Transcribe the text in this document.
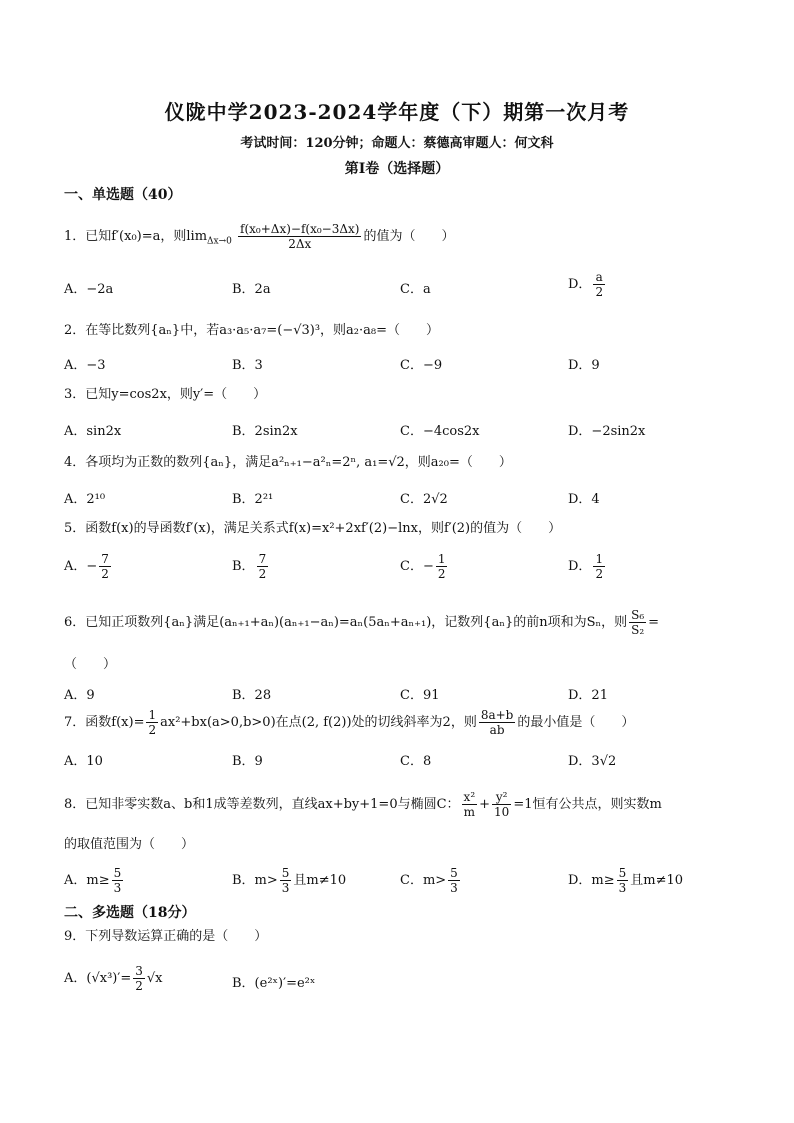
仪陇中学2023-2024学年度（下）期第一次月考
考试时间：120分钟；命题人：蔡德高审题人：何文科
第Ⅰ卷（选择题）
一、单选题（40）
1．已知f′(x₀)=a，则$\lim_{\Delta x\to 0} \frac{\text{f(x₀+Δx)−f(x₀−3Δx)}}{2\Delta x}$ 的值为（　　）
A．−2a	B．2a	C．a	D． $\frac{a}{2}$
2．在等比数列{aₙ}中，若a₃·a₅·a₇=(−√3)³，则a₂·a₈=（　　）
A．−3	B．3	C．−9	D．9
3．已知y=cos2x，则y′=（　　）
A．sin2x	B．2sin2x	C．−4cos2x	D．−2sin2x
4．各项均为正数的数列{aₙ}，满足a²ₙ₊₁−a²ₙ=2ⁿ, a₁=√2，则a₂₀=（　　）
A．2¹⁰	B．2²¹	C．2√2	D．4
5．函数f(x)的导函数f′(x)，满足关系式f(x)=x²+2xf′(2)−lnx，则f′(2)的值为（　　）
A．− $\frac{7}{2}$	B． $\frac{7}{2}$	C．− $\frac{1}{2}$	D． $\frac{1}{2}$
6．已知正项数列{aₙ}满足(aₙ₊₁+aₙ)(aₙ₊₁−aₙ)=aₙ(5aₙ+aₙ₊₁)，记数列{aₙ}的前n项和为Sₙ，则 $\frac{\text{S₆}}{\text{S₂}}$ =
（　　）
A．9	B．28	C．91	D．21
7．函数$f(x)= \frac{1}{2} ax^2+bx(a>0,b>0)$在点(2, f(2))处的切线斜率为2，则 $\frac{8a+b}{ab}$ 的最小值是（　　）
A．10	B．9	C．8	D．3√2
8．已知非零实数a、b和1成等差数列，直线ax+by+1=0与椭圆C： $\frac{\text{x²}}{m} + \frac{\text{y²}}{10} =1$恒有公共点，则实数m
的取值范围为（　　）
A．$m\ge \frac{5}{3}$	B．$m> \frac{5}{3}$ 且m≠10	C．$m> \frac{5}{3}$	D．$m\ge \frac{5}{3}$ 且m≠10
二、多选题（18分）
9．下列导数运算正确的是（　　）
A．$(√x^3)'= \frac{3}{2} √x$	B．(e²ˣ)′=e²ˣ
